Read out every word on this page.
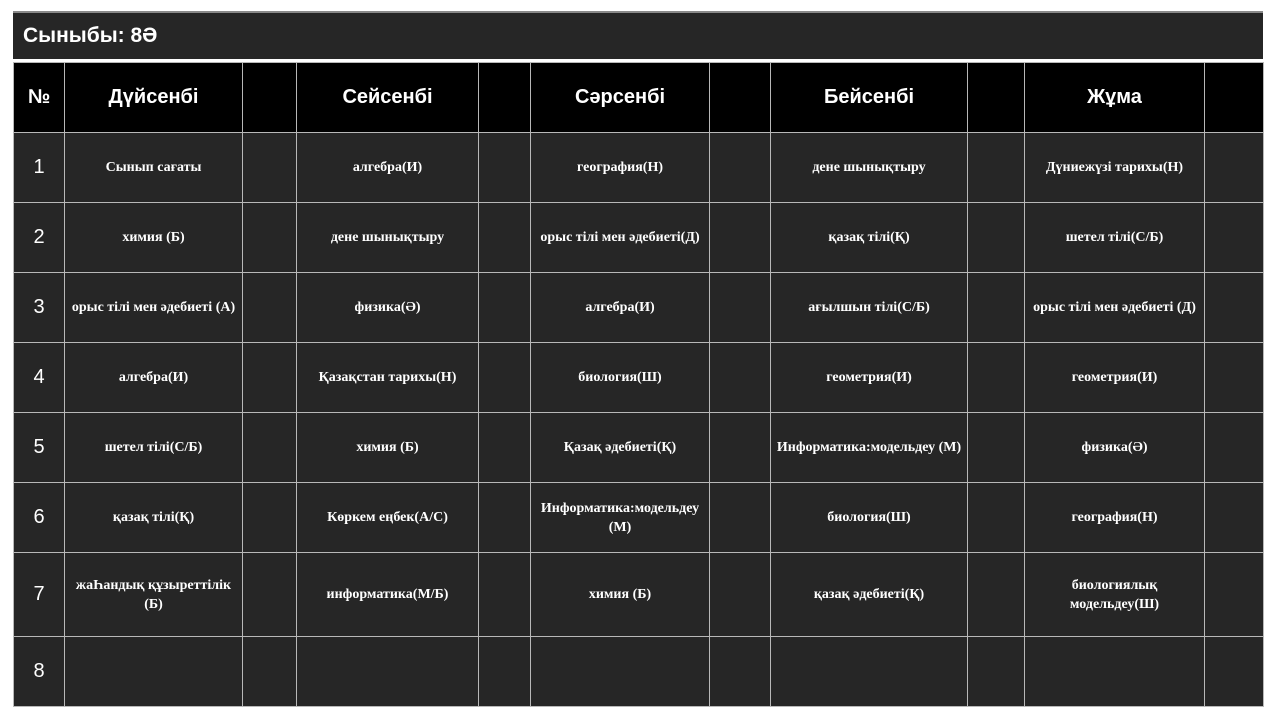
Сыныбы: 8Ә
№	Дүйсенбі		Сейсенбі		Сәрсенбі		Бейсенбі		Жұма	
1	Сынып сағаты		алгебра(И)		география(Н)		дене шынықтыру		Дүниежүзі тарихы(Н)	
2	химия (Б)		дене шынықтыру		орыс тілі мен әдебиеті(Д)		қазақ тілі(Қ)		шетел тілі(С/Б)	
3	орыс тілі мен әдебиеті (А)		физика(Ә)		алгебра(И)		ағылшын тілі(С/Б)		орыс тілі мен әдебиеті (Д)	
4	алгебра(И)		Қазақстан тарихы(Н)		биология(Ш)		геометрия(И)		геометрия(И)	
5	шетел тілі(С/Б)		химия (Б)		Қазақ әдебиеті(Қ)		Информатика:модельдеу (М)		физика(Ә)	
6	қазақ тілі(Қ)		Көркем еңбек(А/С)		Информатика:модельдеу (М)		биология(Ш)		география(Н)	
7	жаҺандық құзыреттілік (Б)		информатика(М/Б)		химия (Б)		қазақ әдебиеті(Қ)		биологиялық модельдеу(Ш)	
8										
